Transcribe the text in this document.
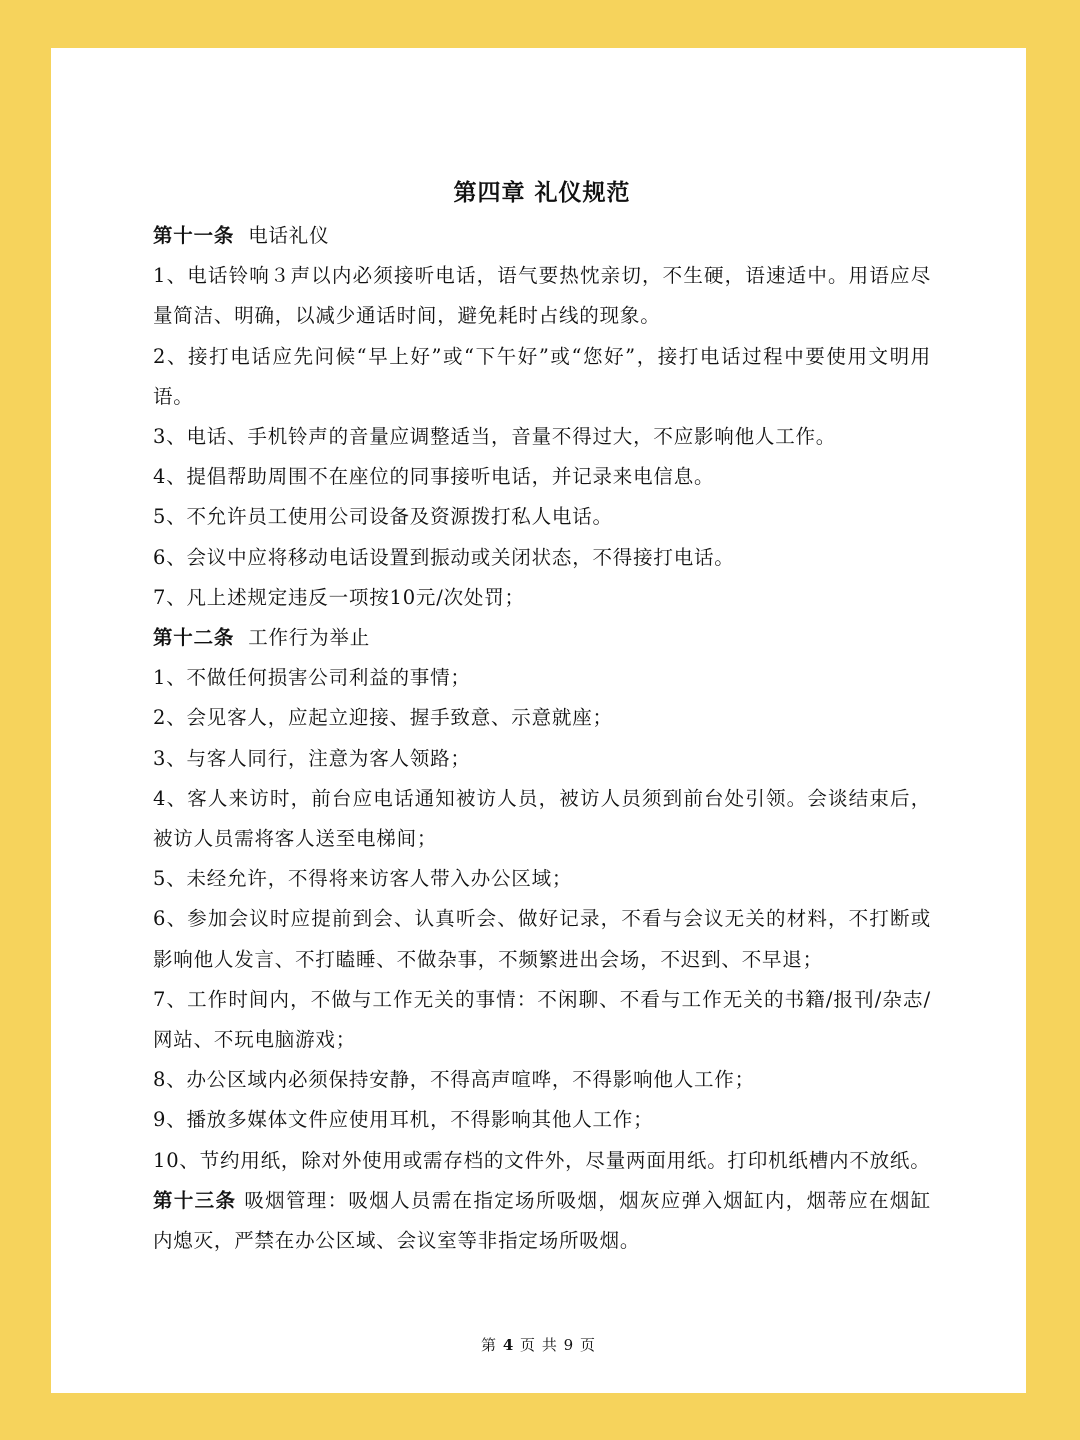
第四章 礼仪规范

第十一条 电话礼仪

1、电话铃响３声以内必须接听电话，语气要热忱亲切，不生硬，语速适中。用语应尽量简洁、明确，以减少通话时间，避免耗时占线的现象。

2、接打电话应先问候“早上好”或“下午好”或“您好”，接打电话过程中要使用文明用语。

3、电话、手机铃声的音量应调整适当，音量不得过大，不应影响他人工作。

4、提倡帮助周围不在座位的同事接听电话，并记录来电信息。

5、不允许员工使用公司设备及资源拨打私人电话。

6、会议中应将移动电话设置到振动或关闭状态，不得接打电话。

7、凡上述规定违反一项按10元/次处罚；

第十二条 工作行为举止

1、不做任何损害公司利益的事情；

2、会见客人，应起立迎接、握手致意、示意就座；

3、与客人同行，注意为客人领路；

4、客人来访时，前台应电话通知被访人员，被访人员须到前台处引领。会谈结束后，被访人员需将客人送至电梯间；

5、未经允许，不得将来访客人带入办公区域；

6、参加会议时应提前到会、认真听会、做好记录，不看与会议无关的材料，不打断或影响他人发言、不打瞌睡、不做杂事，不频繁进出会场，不迟到、不早退；

7、工作时间内，不做与工作无关的事情：不闲聊、不看与工作无关的书籍/报刊/杂志/网站、不玩电脑游戏；

8、办公区域内必须保持安静，不得高声喧哗，不得影响他人工作；

9、播放多媒体文件应使用耳机，不得影响其他人工作；

10、节约用纸，除对外使用或需存档的文件外，尽量两面用纸。打印机纸槽内不放纸。

第十三条 吸烟管理：吸烟人员需在指定场所吸烟，烟灰应弹入烟缸内，烟蒂应在烟缸内熄灭，严禁在办公区域、会议室等非指定场所吸烟。

第 4 页 共 9 页
